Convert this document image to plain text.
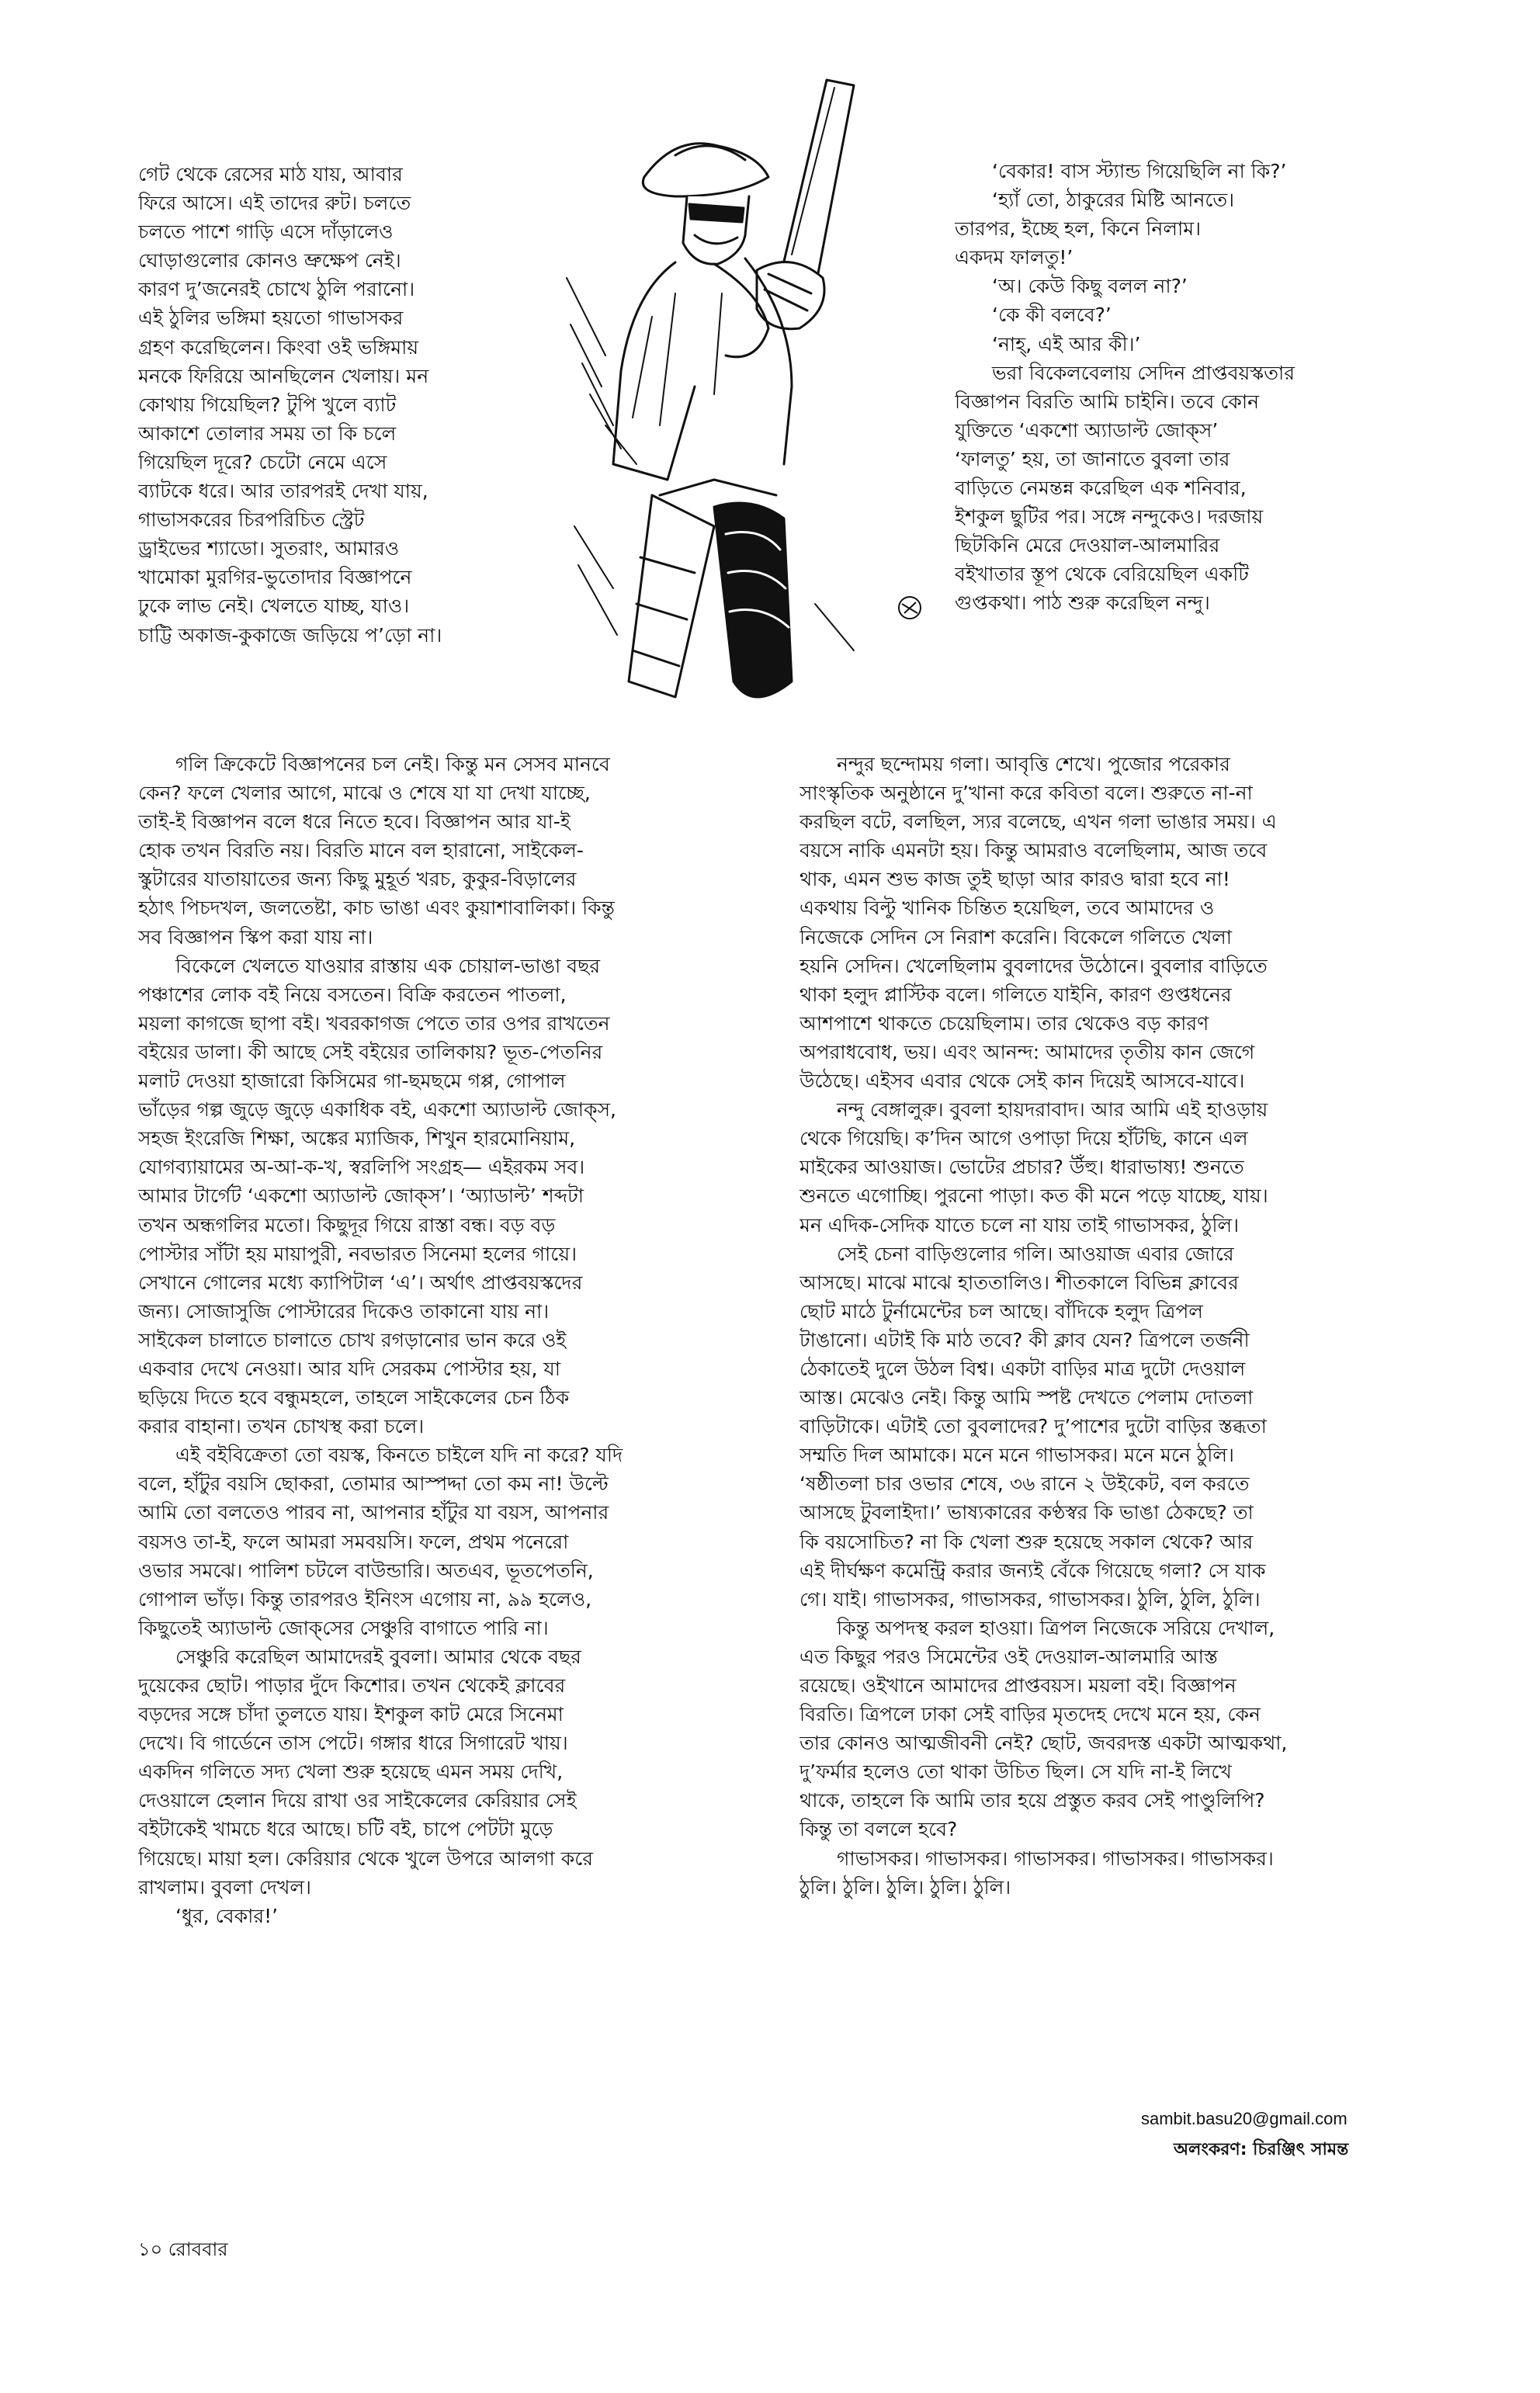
গেট থেকে রেসের মাঠ যায়, আবার

ফিরে আসে। এই তাদের রুট। চলতে

চলতে পাশে গাড়ি এসে দাঁড়ালেও

ঘোড়াগুলোর কোনও ভ্রুক্ষেপ নেই।

কারণ দু’জনেরই চোখে ঠুলি পরানো।

এই ঠুলির ভঙ্গিমা হয়তো গাভাসকর

গ্রহণ করেছিলেন। কিংবা ওই ভঙ্গিমায়

মনকে ফিরিয়ে আনছিলেন খেলায়। মন

কোথায় গিয়েছিল? টুপি খুলে ব্যাট

আকাশে তোলার সময় তা কি চলে

গিয়েছিল দূরে? চেটো নেমে এসে

ব্যাটকে ধরে। আর তারপরই দেখা যায়,

গাভাসকরের চিরপরিচিত স্ট্রেট

ড্রাইভের শ্যাডো। সুতরাং, আমারও

খামোকা মুরগির-ভুতোদার বিজ্ঞাপনে

ঢুকে লাভ নেই। খেলতে যাচ্ছ, যাও।

চাট্টি অকাজ-কুকাজে জড়িয়ে প’ড়ো না।

‘বেকার! বাস স্ট্যান্ড গিয়েছিলি না কি?’

‘হ্যাঁ তো, ঠাকুরের মিষ্টি আনতে।

তারপর, ইচ্ছে হল, কিনে নিলাম।

একদম ফালতু!’

‘অ। কেউ কিছু বলল না?’

‘কে কী বলবে?’

‘নাহ্, এই আর কী।’

ভরা বিকেলবেলায় সেদিন প্রাপ্তবয়স্কতার

বিজ্ঞাপন বিরতি আমি চাইনি। তবে কোন

যুক্তিতে ‘একশো অ্যাডাল্ট জোক্‌স’

‘ফালতু’ হয়, তা জানাতে বুবলা তার

বাড়িতে নেমন্তন্ন করেছিল এক শনিবার,

ইশকুল ছুটির পর। সঙ্গে নন্দুকেও। দরজায়

ছিটকিনি মেরে দেওয়াল-আলমারির

বইখাতার স্তূপ থেকে বেরিয়েছিল একটি

গুপ্তকথা। পাঠ শুরু করেছিল নন্দু।

গলি ক্রিকেটে বিজ্ঞাপনের চল নেই। কিন্তু মন সেসব মানবে

কেন? ফলে খেলার আগে, মাঝে ও শেষে যা যা দেখা যাচ্ছে,

তাই-ই বিজ্ঞাপন বলে ধরে নিতে হবে। বিজ্ঞাপন আর যা-ই

হোক তখন বিরতি নয়। বিরতি মানে বল হারানো, সাইকেল-

স্কুটারের যাতায়াতের জন্য কিছু মুহূর্ত খরচ, কুকুর-বিড়ালের

হঠাৎ পিচদখল, জলতেষ্টা, কাচ ভাঙা এবং কুয়াশাবালিকা। কিন্তু

সব বিজ্ঞাপন স্কিপ করা যায় না।

বিকেলে খেলতে যাওয়ার রাস্তায় এক চোয়াল-ভাঙা বছর

পঞ্চাশের লোক বই নিয়ে বসতেন। বিক্রি করতেন পাতলা,

ময়লা কাগজে ছাপা বই। খবরকাগজ পেতে তার ওপর রাখতেন

বইয়ের ডালা। কী আছে সেই বইয়ের তালিকায়? ভূত-পেতনির

মলাট দেওয়া হাজারো কিসিমের গা-ছমছমে গপ্প, গোপাল

ভাঁড়ের গল্প জুড়ে জুড়ে একাধিক বই, একশো অ্যাডাল্ট জোক্‌স,

সহজ ইংরেজি শিক্ষা, অঙ্কের ম্যাজিক, শিখুন হারমোনিয়াম,

যোগব্যায়ামের অ-আ-ক-খ, স্বরলিপি সংগ্রহ— এইরকম সব।

আমার টার্গেট ‘একশো অ্যাডাল্ট জোক্‌স’। ‘অ্যাডাল্ট’ শব্দটা

তখন অন্ধগলির মতো। কিছুদূর গিয়ে রাস্তা বন্ধ। বড় বড়

পোস্টার সাঁটা হয় মায়াপুরী, নবভারত সিনেমা হলের গায়ে।

সেখানে গোলের মধ্যে ক্যাপিটাল ‘এ’। অর্থাৎ প্রাপ্তবয়স্কদের

জন্য। সোজাসুজি পোস্টারের দিকেও তাকানো যায় না।

সাইকেল চালাতে চালাতে চোখ রগড়ানোর ভান করে ওই

একবার দেখে নেওয়া। আর যদি সেরকম পোস্টার হয়, যা

ছড়িয়ে দিতে হবে বন্ধুমহলে, তাহলে সাইকেলের চেন ঠিক

করার বাহানা। তখন চোখস্থ করা চলে।

এই বইবিক্রেতা তো বয়স্ক, কিনতে চাইলে যদি না করে? যদি

বলে, হাঁটুর বয়সি ছোকরা, তোমার আস্পদ্দা তো কম না! উল্টে

আমি তো বলতেও পারব না, আপনার হাঁটুর যা বয়স, আপনার

বয়সও তা-ই, ফলে আমরা সমবয়সি। ফলে, প্রথম পনেরো

ওভার সমঝে। পালিশ চটলে বাউন্ডারি। অতএব, ভূতপেতনি,

গোপাল ভাঁড়। কিন্তু তারপরও ইনিংস এগোয় না, ৯৯ হলেও,

কিছুতেই অ্যাডাল্ট জোক্‌সের সেঞ্চুরি বাগাতে পারি না।

সেঞ্চুরি করেছিল আমাদেরই বুবলা। আমার থেকে বছর

দুয়েকের ছোট। পাড়ার দুঁদে কিশোর। তখন থেকেই ক্লাবের

বড়দের সঙ্গে চাঁদা তুলতে যায়। ইশকুল কাট মেরে সিনেমা

দেখে। বি গার্ডেনে তাস পেটে। গঙ্গার ধারে সিগারেট খায়।

একদিন গলিতে সদ্য খেলা শুরু হয়েছে এমন সময় দেখি,

দেওয়ালে হেলান দিয়ে রাখা ওর সাইকেলের কেরিয়ার সেই

বইটাকেই খামচে ধরে আছে। চটি বই, চাপে পেটটা মুড়ে

গিয়েছে। মায়া হল। কেরিয়ার থেকে খুলে উপরে আলগা করে

রাখলাম। বুবলা দেখল।

‘ধুর, বেকার!’

নন্দুর ছন্দোময় গলা। আবৃত্তি শেখে। পুজোর পরেকার

সাংস্কৃতিক অনুষ্ঠানে দু’খানা করে কবিতা বলে। শুরুতে না-না

করছিল বটে, বলছিল, স্যর বলেছে, এখন গলা ভাঙার সময়। এ

বয়সে নাকি এমনটা হয়। কিন্তু আমরাও বলেছিলাম, আজ তবে

থাক, এমন শুভ কাজ তুই ছাড়া আর কারও দ্বারা হবে না!

একথায় বিল্টু খানিক চিন্তিত হয়েছিল, তবে আমাদের ও

নিজেকে সেদিন সে নিরাশ করেনি। বিকেলে গলিতে খেলা

হয়নি সেদিন। খেলেছিলাম বুবলাদের উঠোনে। বুবলার বাড়িতে

থাকা হলুদ প্লাস্টিক বলে। গলিতে যাইনি, কারণ গুপ্তধনের

আশপাশে থাকতে চেয়েছিলাম। তার থেকেও বড় কারণ

অপরাধবোধ, ভয়। এবং আনন্দ: আমাদের তৃতীয় কান জেগে

উঠেছে। এইসব এবার থেকে সেই কান দিয়েই আসবে-যাবে।

নন্দু বেঙ্গালুরু। বুবলা হায়দরাবাদ। আর আমি এই হাওড়ায়

থেকে গিয়েছি। ক’দিন আগে ওপাড়া দিয়ে হাঁটছি, কানে এল

মাইকের আওয়াজ। ভোটের প্রচার? উঁহু। ধারাভাষ্য! শুনতে

শুনতে এগোচ্ছি। পুরনো পাড়া। কত কী মনে পড়ে যাচ্ছে, যায়।

মন এদিক-সেদিক যাতে চলে না যায় তাই গাভাসকর, ঠুলি।

সেই চেনা বাড়িগুলোর গলি। আওয়াজ এবার জোরে

আসছে। মাঝে মাঝে হাততালিও। শীতকালে বিভিন্ন ক্লাবের

ছোট মাঠে টুর্নামেন্টের চল আছে। বাঁদিকে হলুদ ত্রিপল

টাঙানো। এটাই কি মাঠ তবে? কী ক্লাব যেন? ত্রিপলে তর্জনী

ঠেকাতেই দুলে উঠল বিশ্ব। একটা বাড়ির মাত্র দুটো দেওয়াল

আস্ত। মেঝেও নেই। কিন্তু আমি স্পষ্ট দেখতে পেলাম দোতলা

বাড়িটাকে। এটাই তো বুবলাদের? দু’পাশের দুটো বাড়ির স্তব্ধতা

সম্মতি দিল আমাকে। মনে মনে গাভাসকর। মনে মনে ঠুলি।

‘ষষ্ঠীতলা চার ওভার শেষে, ৩৬ রানে ২ উইকেট, বল করতে

আসছে টুবলাইদা।’ ভাষ্যকারের কণ্ঠস্বর কি ভাঙা ঠেকছে? তা

কি বয়সোচিত? না কি খেলা শুরু হয়েছে সকাল থেকে? আর

এই দীর্ঘক্ষণ কমেন্ট্রি করার জন্যই বেঁকে গিয়েছে গলা? সে যাক

গে। যাই। গাভাসকর, গাভাসকর, গাভাসকর। ঠুলি, ঠুলি, ঠুলি।

কিন্তু অপদস্থ করল হাওয়া। ত্রিপল নিজেকে সরিয়ে দেখাল,

এত কিছুর পরও সিমেন্টের ওই দেওয়াল-আলমারি আস্ত

রয়েছে। ওইখানে আমাদের প্রাপ্তবয়স। ময়লা বই। বিজ্ঞাপন

বিরতি। ত্রিপলে ঢাকা সেই বাড়ির মৃতদেহ দেখে মনে হয়, কেন

তার কোনও আত্মজীবনী নেই? ছোট, জবরদস্ত একটা আত্মকথা,

দু’ফর্মার হলেও তো থাকা উচিত ছিল। সে যদি না-ই লিখে

থাকে, তাহলে কি আমি তার হয়ে প্রস্তুত করব সেই পাণ্ডুলিপি?

কিন্তু তা বললে হবে?

গাভাসকর। গাভাসকর। গাভাসকর। গাভাসকর। গাভাসকর।

ঠুলি। ঠুলি। ঠুলি। ঠুলি। ঠুলি।

sambit.basu20@gmail.com
অলংকরণ: চিরঞ্জিৎ সামন্ত
১০ রোববার
